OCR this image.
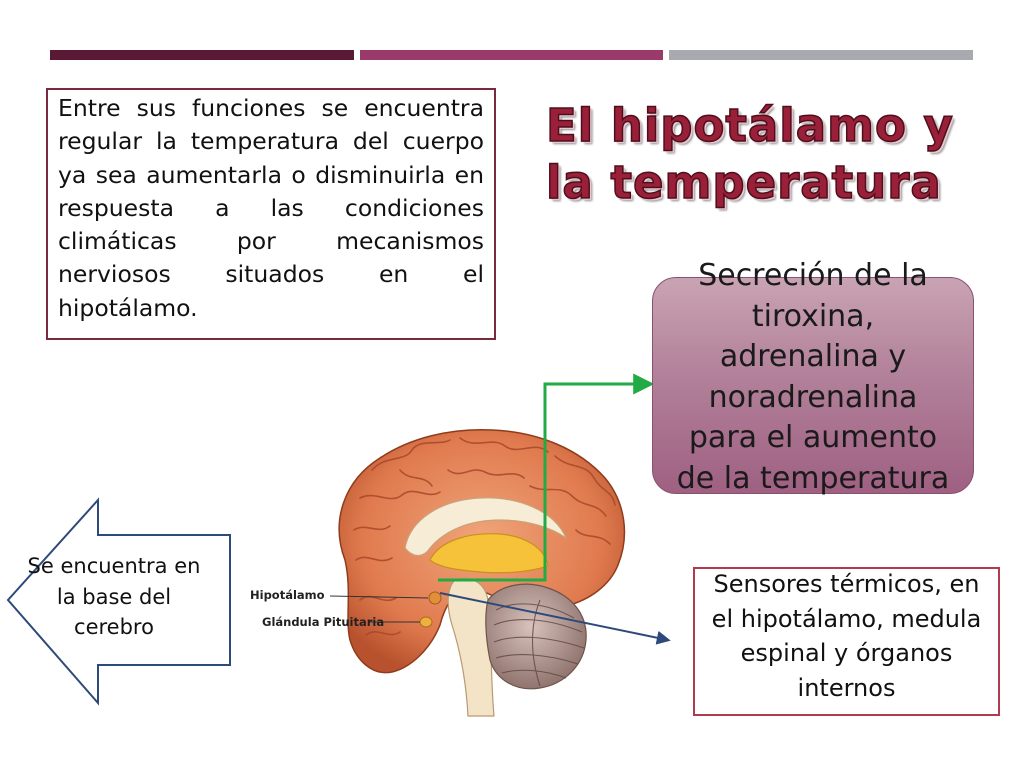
Entre sus funciones se encuentra regular la temperatura del cuerpo ya sea aumentarla o disminuirla en respuesta a las condiciones climáticas por mecanismos nerviosos situados en el hipotálamo.

El hipotálamo y
la temperatura
Hipotálamo
Glándula Pituitaria
Secreción de la
tiroxina,
adrenalina y
noradrenalina
para el aumento
de la temperatura
Sensores térmicos, en
el hipotálamo, medula
espinal y órganos
internos
Se encuentra en
la base del
cerebro
